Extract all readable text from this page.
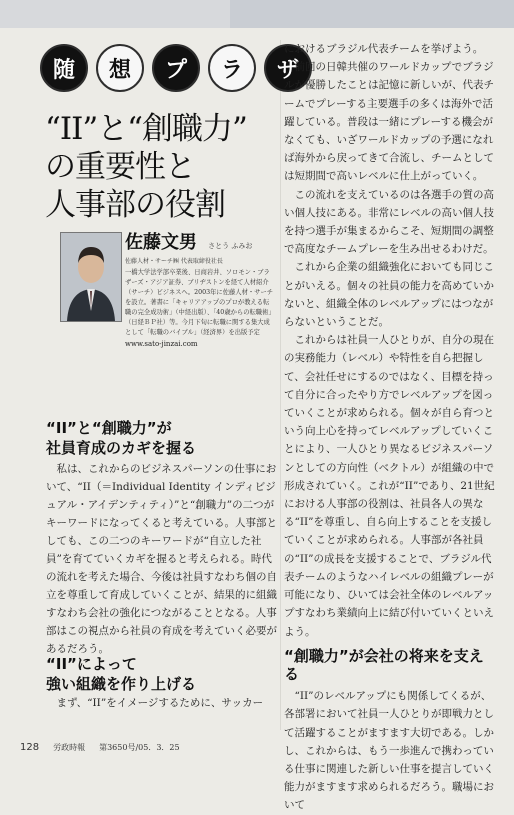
随	想	プ	ラ	ザ
“II”と“創職力”
の重要性と
人事部の役割
佐藤文男 さとう ふみお
佐藤人材・サーチ㈱ 代表取締役社長
一橋大学法学部卒業後、日商岩井、ソロモン・ブラザーズ・アジア証券、ブリヂストンを経て人材紹介（サーチ）ビジネスへ。2003年に佐藤人材・サーチを設立。著書に「キャリアアップのプロが教える転職の完全成功術」（中経出版）、「40歳からの転職術」（日経ＢＰ社）等。今月下旬に転職に関する集大成として「転職のバイブル」（経済界）を出版予定
www.sato-jinzai.com
“II”と“創職力”が
社員育成のカギを握る
　私は、これからのビジネスパーソンの仕事において、“II（＝Individual Identity インディビジュアル・アイデンティティ）”と“創職力”の二つがキーワードになってくると考えている。人事部としても、この二つのキーワードが“自立した社員”を育てていくカギを握ると考えられる。時代の流れを考えた場合、今後は社員すなわち個の自立を尊重して育成していくことが、結果的に組織すなわち会社の強化につながることとなる。人事部はこの視点から社員の育成を考えていく必要があるだろう。
“II”によって
強い組織を作り上げる
　まず、“II”をイメージするために、サッカー

におけるブラジル代表チームを挙げよう。

前回の日韓共催のワールドカップでブラジルが優勝したことは記憶に新しいが、代表チームでプレーする主要選手の多くは海外で活躍している。普段は一緒にプレーする機会がなくても、いざワールドカップの予選になれば海外から戻ってきて合流し、チームとしては短期間で高いレベルに仕上がっていく。

この流れを支えているのは各選手の質の高い個人技にある。非常にレベルの高い個人技を持つ選手が集まるからこそ、短期間の調整で高度なチームプレーを生み出せるわけだ。

これから企業の組織強化においても同じことがいえる。個々の社員の能力を高めていかないと、組織全体のレベルアップにはつながらないということだ。

これからは社員一人ひとりが、自分の現在の実務能力（レベル）や特性を自ら把握して、会社任せにするのではなく、目標を持って自分に合ったやり方でレベルアップを図っていくことが求められる。個々が自ら育つという向上心を持ってレベルアップしていくことにより、一人ひとり異なるビジネスパーソンとしての方向性（ベクトル）が組織の中で形成されていく。これが“II”であり、21世紀における人事部の役割は、社員各人の異なる“II”を尊重し、自ら向上することを支援していくことが求められる。人事部が各社員の“II”の成長を支援することで、ブラジル代表チームのようなハイレベルの組織プレーが可能になり、ひいては会社全体のレベルアップすなわち業績向上に結び付いていくといえよう。

“創職力”が会社の将来を支える

“II”のレベルアップにも関係してくるが、各部署において社員一人ひとりが即戦力として活躍することがますます大切である。しかし、これからは、もう一歩進んで携わっている仕事に関連した新しい仕事を提言していく能力がますます求められるだろう。職場において

128 労政時報 第3650号/05．3．25
